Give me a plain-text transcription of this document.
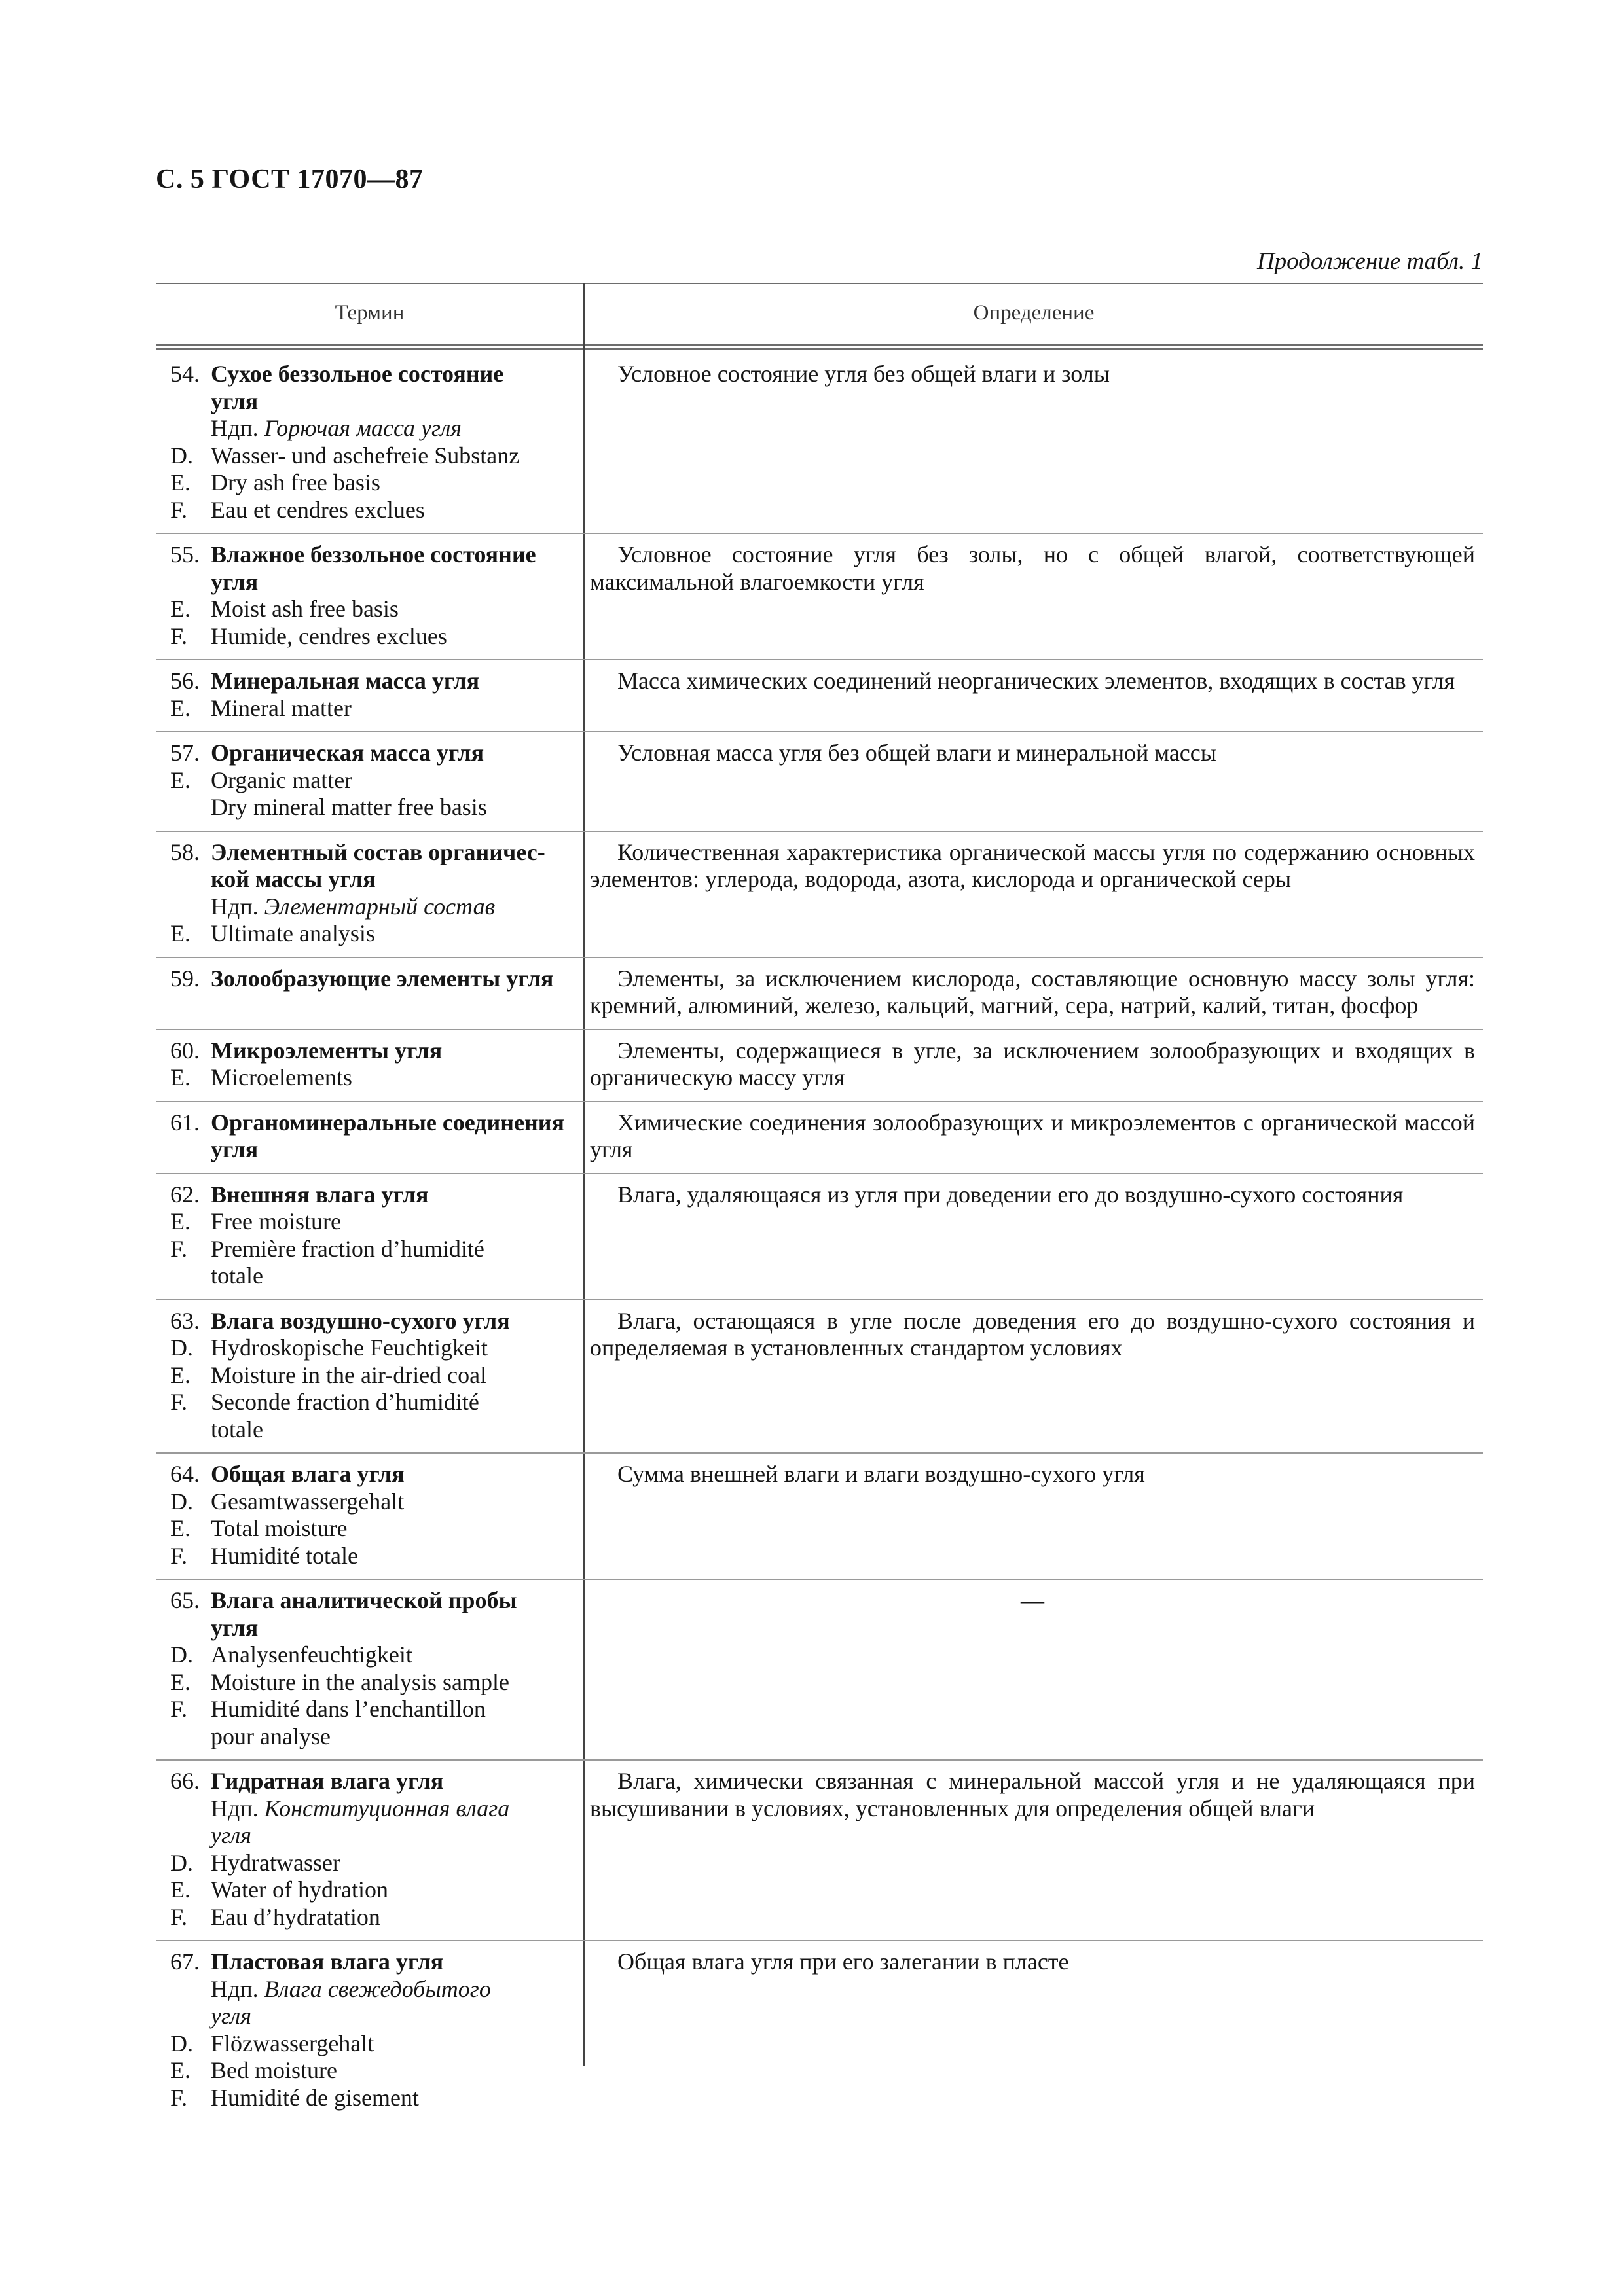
С. 5 ГОСТ 17070—87
Продолжение табл. 1
Термин	Определение
54. Сухое беззольное состояние
угля
Ндп. Горючая масса угля
D. Wasser- und aschefreie Substanz
E. Dry ash free basis
F. Eau et cendres exclues

Условное состояние угля без общей влаги и золы

55. Влажное беззольное состояние
угля
E. Moist ash free basis
F. Humide, cendres exclues

Условное состояние угля без золы, но с общей влагой, соответствующей максимальной влагоемкости угля

56. Минеральная масса угля
E. Mineral matter

Масса химических соединений неорганических элементов, входящих в состав угля

57. Органическая масса угля
E. Organic matter
Dry mineral matter free basis

Условная масса угля без общей влаги и минеральной массы

58. Элементный состав органичес-
кой массы угля
Ндп. Элементарный состав
E. Ultimate analysis

Количественная характеристика органической массы угля по содержанию основных элементов: углерода, водорода, азота, кислорода и органической серы

59. Золообразующие элементы угля	Элементы, за исключением кислорода, составляющие основную массу золы угля: кремний, алюминий, железо, кальций, магний, сера, натрий, калий, титан, фосфор

60. Микроэлементы угля
E. Microelements

Элементы, содержащиеся в угле, за исключением золообразующих и входящих в органическую массу угля

61. Органоминеральные соединения
угля

Химические соединения золообразующих и микроэлементов с органической массой угля

62. Внешняя влага угля
E. Free moisture
F. Première fraction d’humidité
totale

Влага, удаляющаяся из угля при доведении его до воздушно-сухого состояния

63. Влага воздушно-сухого угля
D. Hydroskopische Feuchtigkeit
E. Moisture in the air-dried coal
F. Seconde fraction d’humidité
totale

Влага, остающаяся в угле после доведения его до воздушно-сухого состояния и определяемая в установленных стандартом условиях

64. Общая влага угля
D. Gesamtwassergehalt
E. Total moisture
F. Humidité totale

Сумма внешней влаги и влаги воздушно-сухого угля

65. Влага аналитической пробы
угля
D. Analysenfeuchtigkeit
E. Moisture in the analysis sample
F. Humidité dans l’enchantillon
pour analyse

—

66. Гидратная влага угля
Ндп. Конституционная влага
угля
D. Hydratwasser
E. Water of hydration
F. Eau d’hydratation

Влага, химически связанная с минеральной массой угля и не удаляющаяся при высушивании в условиях, установленных для определения общей влаги

67. Пластовая влага угля
Ндп. Влага свежедобытого
угля
D. Flözwassergehalt
E. Bed moisture
F. Humidité de gisement

Общая влага угля при его залегании в пласте
